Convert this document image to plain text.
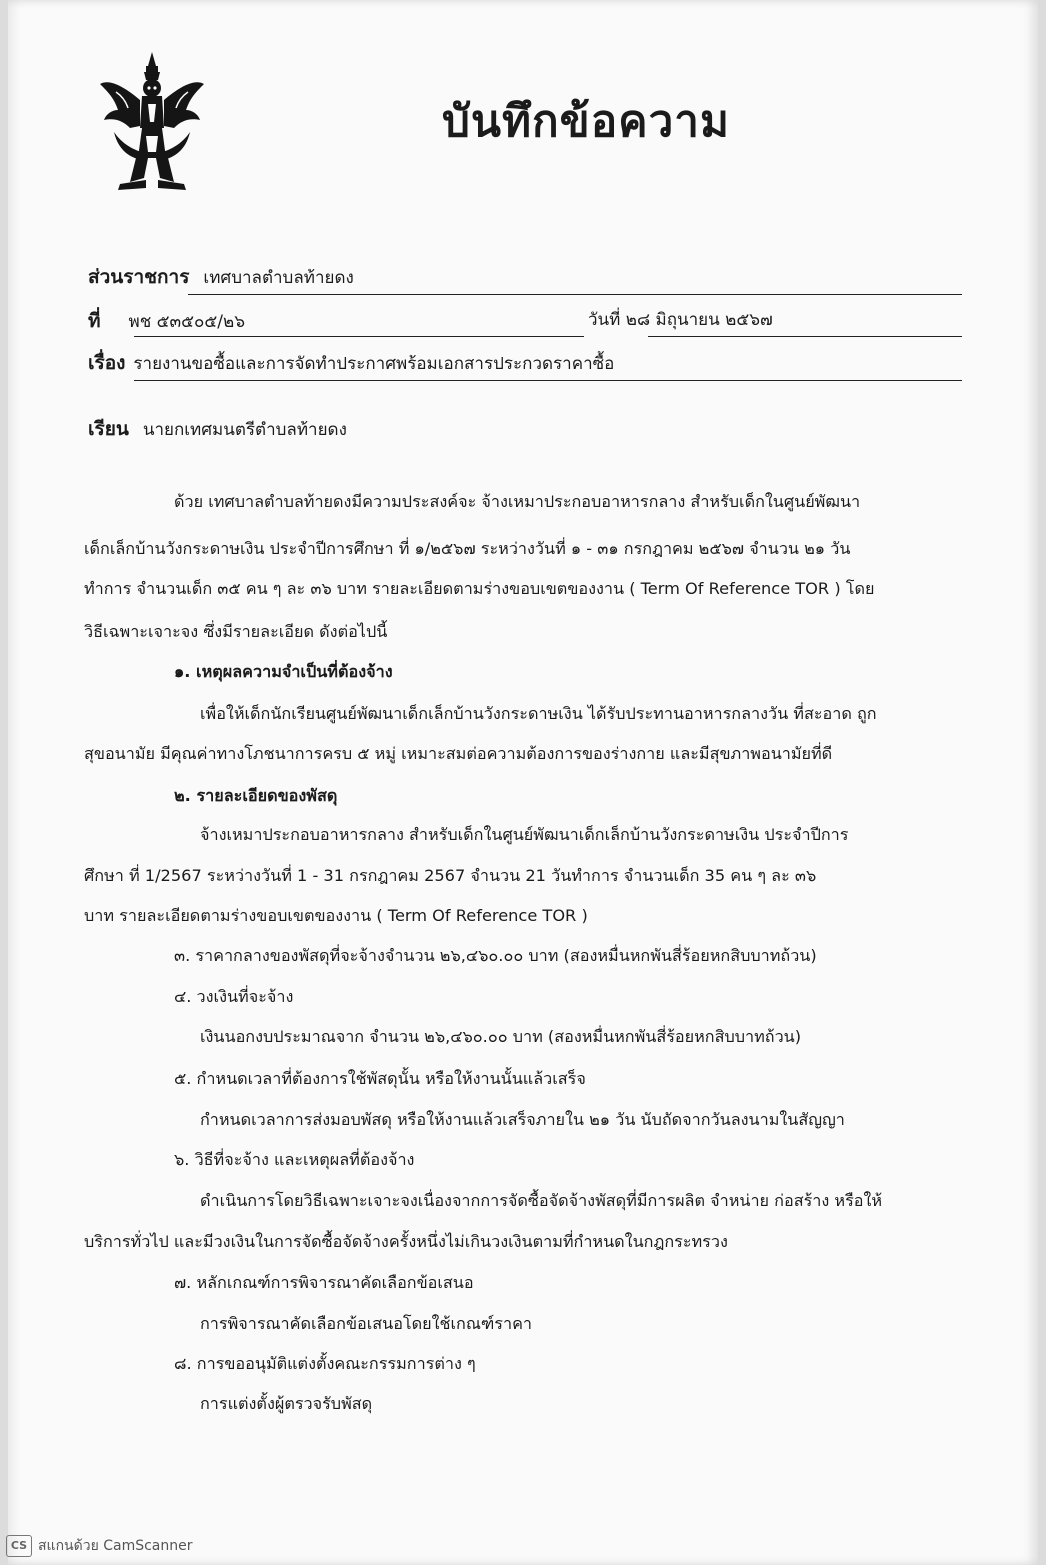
บันทึกข้อความ
ส่วนราชการ เทศบาลตำบลท้ายดง
ที่ พช ๕๓๕๐๕/๒๖	วันที่ ๒๘ มิถุนายน ๒๕๖๗
เรื่อง รายงานขอซื้อและการจัดทำประกาศพร้อมเอกสารประกวดราคาซื้อ
เรียน นายกเทศมนตรีตำบลท้ายดง
ด้วย เทศบาลตำบลท้ายดงมีความประสงค์จะ จ้างเหมาประกอบอาหารกลาง สำหรับเด็กในศูนย์พัฒนา
เด็กเล็กบ้านวังกระดาษเงิน ประจำปีการศึกษา ที่ ๑/๒๕๖๗ ระหว่างวันที่ ๑ - ๓๑ กรกฎาคม ๒๕๖๗ จำนวน ๒๑ วัน
ทำการ จำนวนเด็ก ๓๕ คน ๆ ละ ๓๖ บาท รายละเอียดตามร่างขอบเขตของงาน ( Term Of Reference TOR ) โดย
วิธีเฉพาะเจาะจง ซึ่งมีรายละเอียด ดังต่อไปนี้
๑. เหตุผลความจำเป็นที่ต้องจ้าง
เพื่อให้เด็กนักเรียนศูนย์พัฒนาเด็กเล็กบ้านวังกระดาษเงิน ได้รับประทานอาหารกลางวัน ที่สะอาด ถูก
สุขอนามัย มีคุณค่าทางโภชนาการครบ ๕ หมู่ เหมาะสมต่อความต้องการของร่างกาย และมีสุขภาพอนามัยที่ดี
๒. รายละเอียดของพัสดุ
จ้างเหมาประกอบอาหารกลาง สำหรับเด็กในศูนย์พัฒนาเด็กเล็กบ้านวังกระดาษเงิน ประจำปีการ
ศึกษา ที่ 1/2567 ระหว่างวันที่ 1 - 31 กรกฎาคม 2567 จำนวน 21 วันทำการ จำนวนเด็ก 35 คน ๆ ละ ๓๖
บาท รายละเอียดตามร่างขอบเขตของงาน ( Term Of Reference TOR )
๓. ราคากลางของพัสดุที่จะจ้างจำนวน ๒๖,๔๖๐.๐๐ บาท (สองหมื่นหกพันสี่ร้อยหกสิบบาทถ้วน)
๔. วงเงินที่จะจ้าง
เงินนอกงบประมาณจาก จำนวน ๒๖,๔๖๐.๐๐ บาท (สองหมื่นหกพันสี่ร้อยหกสิบบาทถ้วน)
๕. กำหนดเวลาที่ต้องการใช้พัสดุนั้น หรือให้งานนั้นแล้วเสร็จ
กำหนดเวลาการส่งมอบพัสดุ หรือให้งานแล้วเสร็จภายใน ๒๑ วัน นับถัดจากวันลงนามในสัญญา
๖. วิธีที่จะจ้าง และเหตุผลที่ต้องจ้าง
ดำเนินการโดยวิธีเฉพาะเจาะจงเนื่องจากการจัดซื้อจัดจ้างพัสดุที่มีการผลิต จำหน่าย ก่อสร้าง หรือให้
บริการทั่วไป และมีวงเงินในการจัดซื้อจัดจ้างครั้งหนึ่งไม่เกินวงเงินตามที่กำหนดในกฎกระทรวง
๗. หลักเกณฑ์การพิจารณาคัดเลือกข้อเสนอ
การพิจารณาคัดเลือกข้อเสนอโดยใช้เกณฑ์ราคา
๘. การขออนุมัติแต่งตั้งคณะกรรมการต่าง ๆ
การแต่งตั้งผู้ตรวจรับพัสดุ
CS สแกนด้วย CamScanner
